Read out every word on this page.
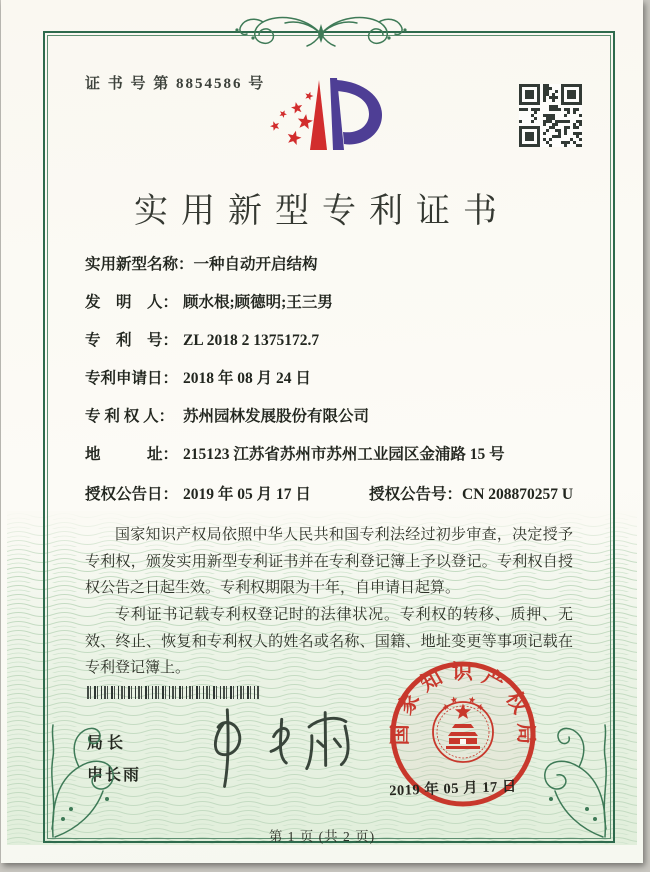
证 书 号 第 8854586 号
实用新型专利证书
实用新型名称：一种自动开启结构
发　明　人： 顾水根;顾德明;王三男
专　利　号： ZL 2018 2 1375172.7
专利申请日： 2018 年 08 月 24 日
专 利 权 人： 苏州园林发展股份有限公司
地　　　址： 215123 江苏省苏州市苏州工业园区金浦路 15 号
授权公告日： 2019 年 05 月 17 日	授权公告号：CN 208870257 U

国家知识产权局依照中华人民共和国专利法经过初步审查，决定授予专利权，颁发实用新型专利证书并在专利登记簿上予以登记。专利权自授权公告之日起生效。专利权期限为十年，自申请日起算。

专利证书记载专利权登记时的法律状况。专利权的转移、质押、无效、终止、恢复和专利权人的姓名或名称、国籍、地址变更等事项记载在专利登记簿上。

局长
申长雨
国家知识产权局
2019 年 05 月 17 日
第 1 页 (共 2 页)
